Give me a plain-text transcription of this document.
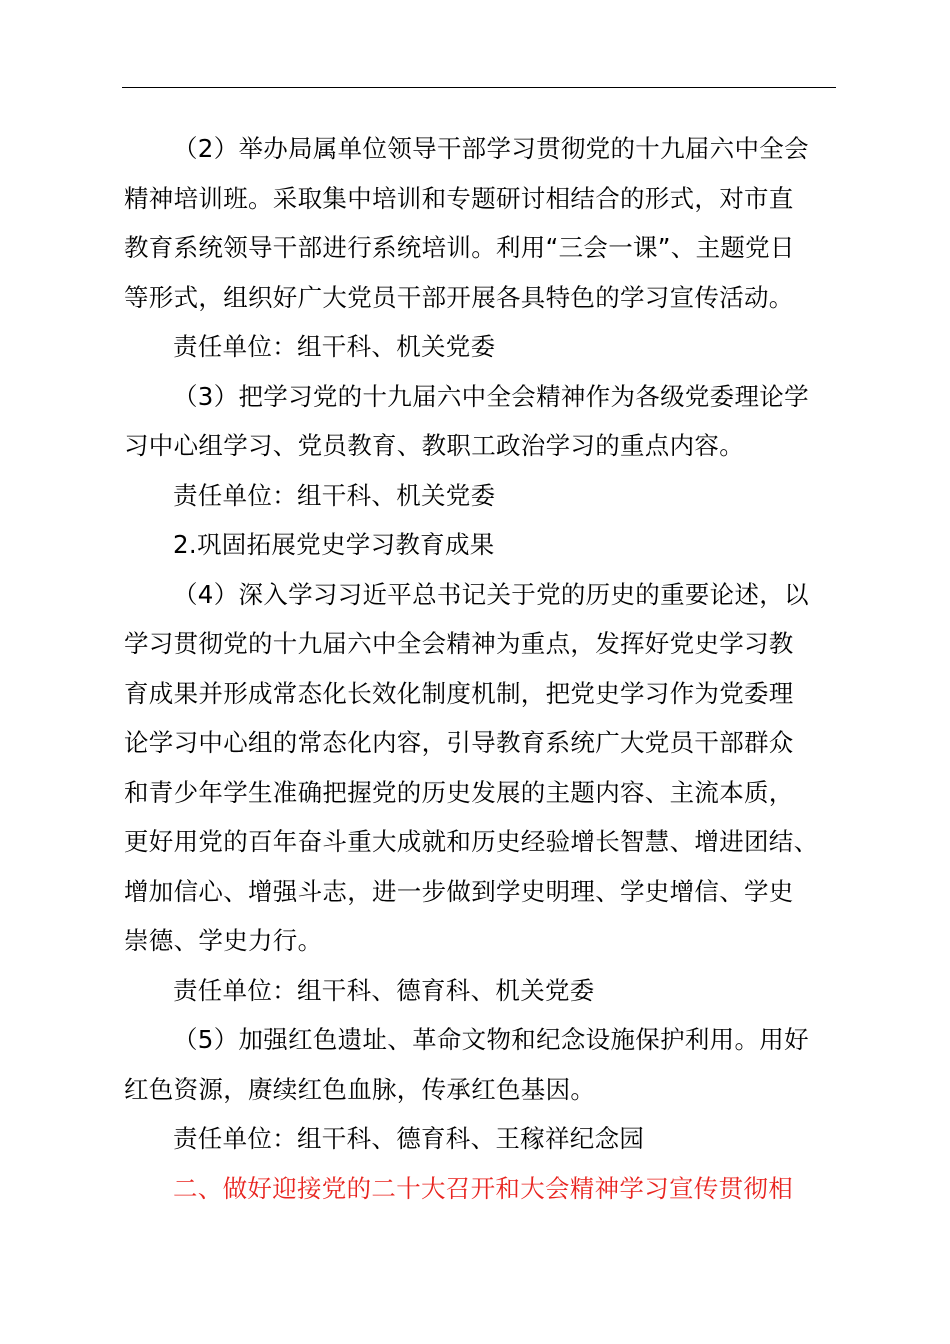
（2）举办局属单位领导干部学习贯彻党的十九届六中全会
精神培训班。采取集中培训和专题研讨相结合的形式，对市直
教育系统领导干部进行系统培训。利用“三会一课”、主题党日
等形式，组织好广大党员干部开展各具特色的学习宣传活动。
责任单位：组干科、机关党委
（3）把学习党的十九届六中全会精神作为各级党委理论学
习中心组学习、党员教育、教职工政治学习的重点内容。
责任单位：组干科、机关党委
2.巩固拓展党史学习教育成果
（4）深入学习习近平总书记关于党的历史的重要论述，以
学习贯彻党的十九届六中全会精神为重点，发挥好党史学习教
育成果并形成常态化长效化制度机制，把党史学习作为党委理
论学习中心组的常态化内容，引导教育系统广大党员干部群众
和青少年学生准确把握党的历史发展的主题内容、主流本质，
更好用党的百年奋斗重大成就和历史经验增长智慧、增进团结、
增加信心、增强斗志，进一步做到学史明理、学史增信、学史
崇德、学史力行。
责任单位：组干科、德育科、机关党委
（5）加强红色遗址、革命文物和纪念设施保护利用。用好
红色资源，赓续红色血脉，传承红色基因。
责任单位：组干科、德育科、王稼祥纪念园
二、做好迎接党的二十大召开和大会精神学习宣传贯彻相
